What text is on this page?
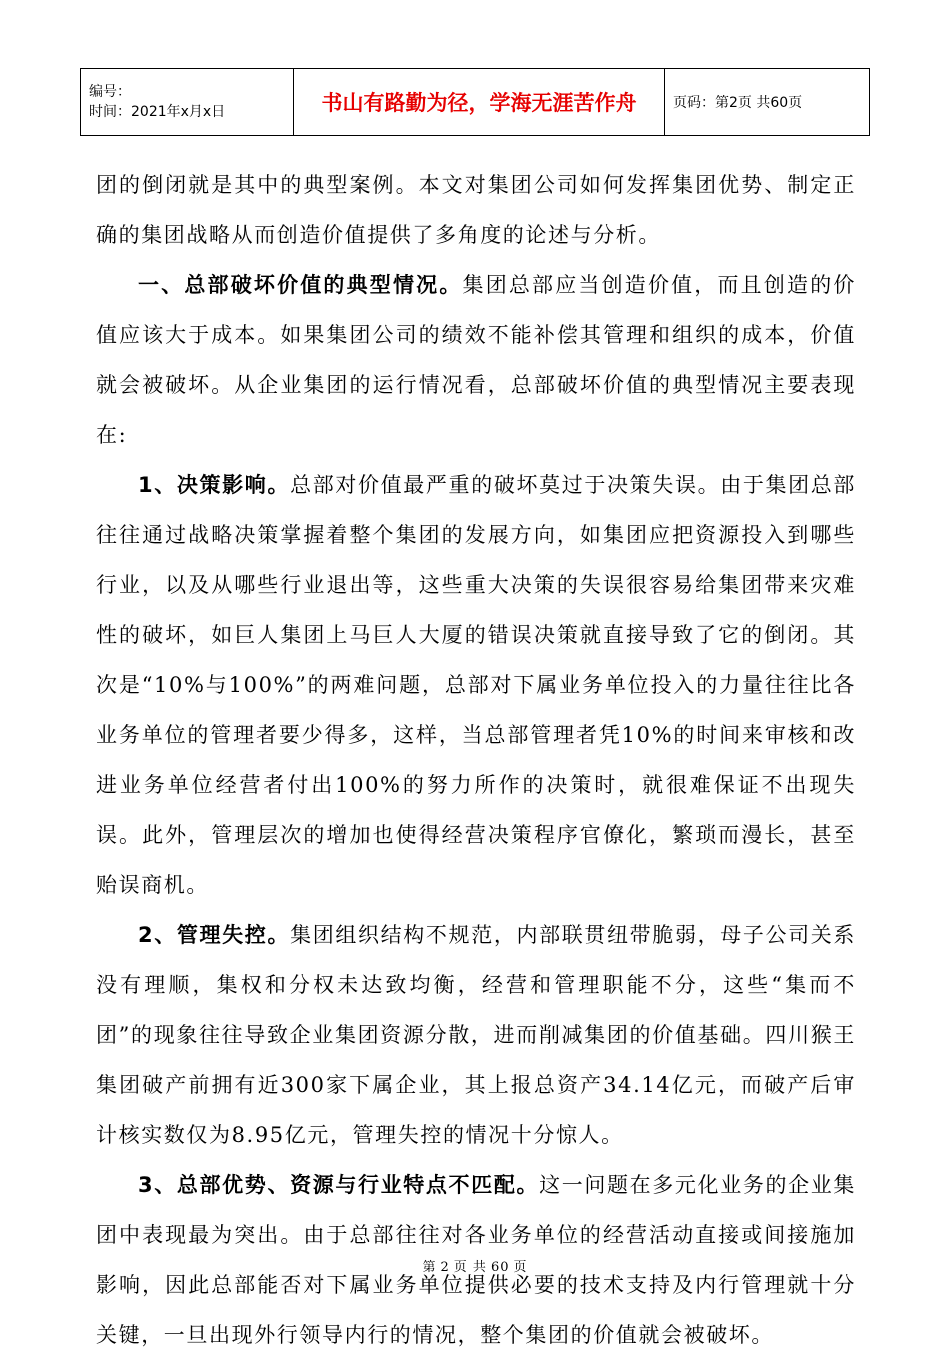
编号：
时间：2021年x月x日	书山有路勤为径，学海无涯苦作舟	页码：第2页 共60页

团的倒闭就是其中的典型案例。本文对集团公司如何发挥集团优势、制定正确的集团战略从而创造价值提供了多角度的论述与分析。

一、总部破坏价值的典型情况。集团总部应当创造价值，而且创造的价值应该大于成本。如果集团公司的绩效不能补偿其管理和组织的成本，价值就会被破坏。从企业集团的运行情况看，总部破坏价值的典型情况主要表现在:

1、决策影响。总部对价值最严重的破坏莫过于决策失误。由于集团总部往往通过战略决策掌握着整个集团的发展方向，如集团应把资源投入到哪些行业，以及从哪些行业退出等，这些重大决策的失误很容易给集团带来灾难性的破坏，如巨人集团上马巨人大厦的错误决策就直接导致了它的倒闭。其次是“10%与100%”的两难问题，总部对下属业务单位投入的力量往往比各业务单位的管理者要少得多，这样，当总部管理者凭10%的时间来审核和改进业务单位经营者付出100%的努力所作的决策时，就很难保证不出现失误。此外，管理层次的增加也使得经营决策程序官僚化，繁琐而漫长，甚至贻误商机。

2、管理失控。集团组织结构不规范，内部联贯纽带脆弱，母子公司关系没有理顺，集权和分权未达致均衡，经营和管理职能不分，这些“集而不团”的现象往往导致企业集团资源分散，进而削减集团的价值基础。四川猴王集团破产前拥有近300家下属企业，其上报总资产34.14亿元，而破产后审计核实数仅为8.95亿元，管理失控的情况十分惊人。

3、总部优势、资源与行业特点不匹配。这一问题在多元化业务的企业集团中表现最为突出。由于总部往往对各业务单位的经营活动直接或间接施加影响，因此总部能否对下属业务单位提供必要的技术支持及内行管理就十分关键，一旦出现外行领导内行的情况，整个集团的价值就会被破坏。

第 2 页 共 60 页
